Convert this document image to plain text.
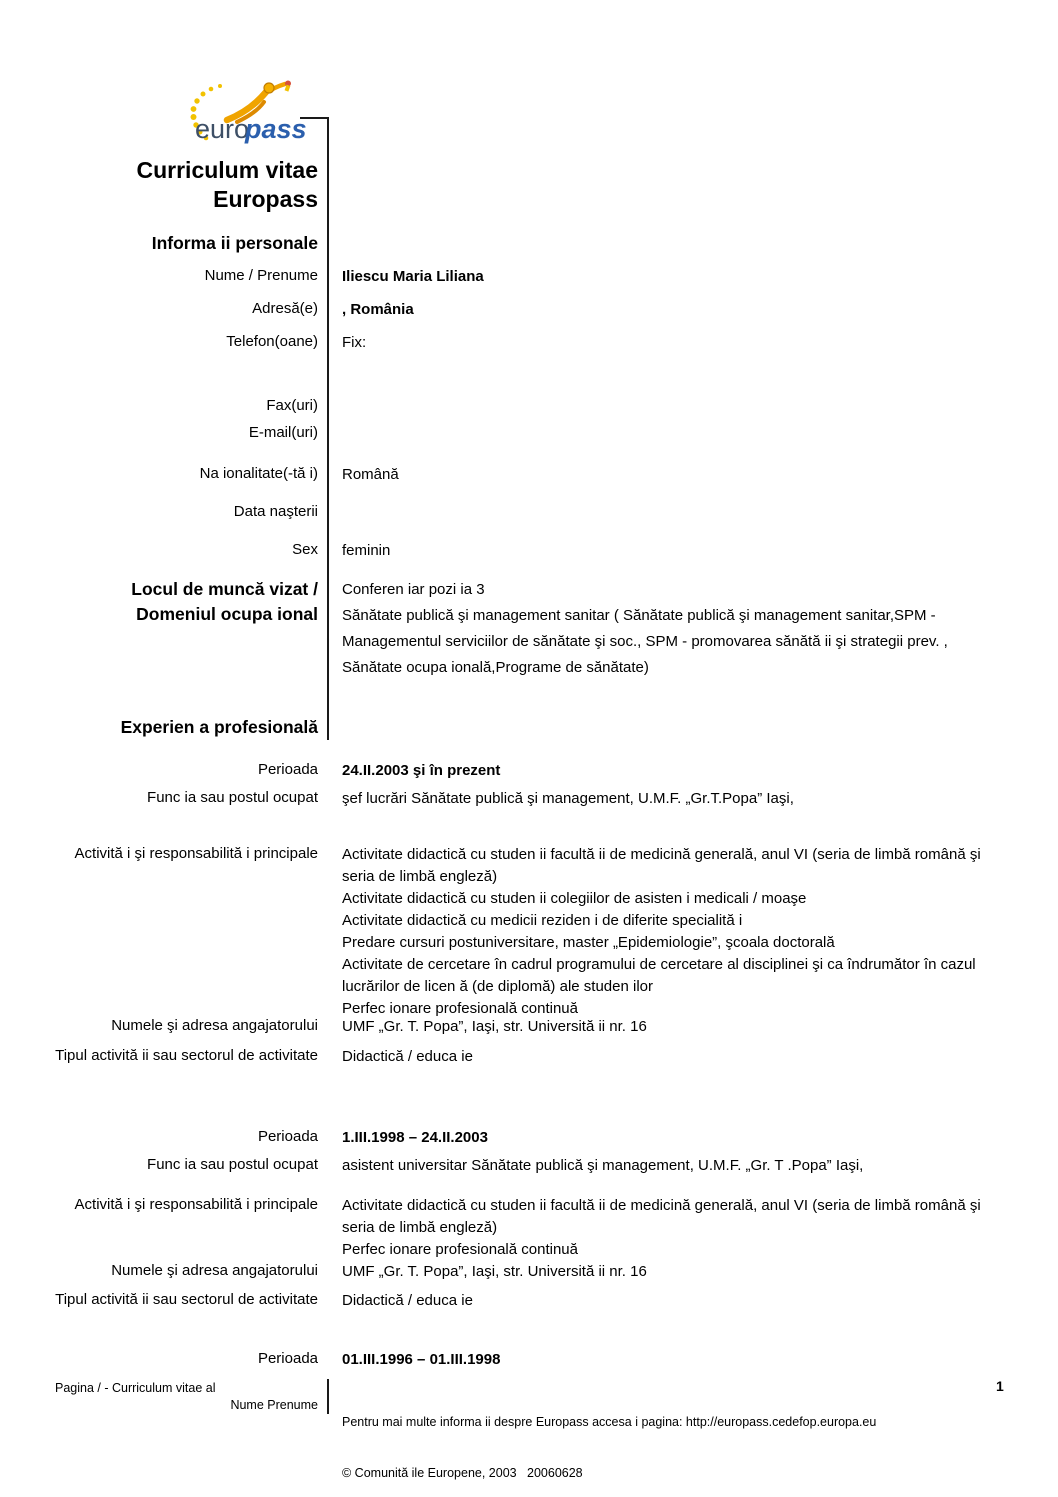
euro
pass
Curriculum vitae
Europass
Informa ii personale
Nume / Prenume Iliescu Maria Liliana
Adresă(e) , România
Telefon(oane) Fix:
Fax(uri)
E-mail(uri)
Na ionalitate(-tă i) Română
Data naşterii
Sex feminin
Locul de muncă vizat /
Domeniul ocupa ional
Conferen iar pozi ia 3
Sănătate publică şi management sanitar ( Sănătate publică şi management sanitar,SPM - Managementul serviciilor de sănătate şi soc., SPM - promovarea sănătă ii şi strategii prev. , Sănătate ocupa ională,Programe de sănătate)
Experien a profesională
Perioada 24.II.2003 şi în prezent
Func ia sau postul ocupat şef lucrări Sănătate publică şi management, U.M.F. „Gr.T.Popa” Iaşi,
Activită i şi responsabilită i principale Activitate didactică cu studen ii facultă ii de medicină generală, anul VI (seria de limbă română şi seria de limbă engleză)
Activitate didactică cu studen ii colegiilor de asisten i medicali / moaşe
Activitate didactică cu medicii reziden i de diferite specialită i
Predare cursuri postuniversitare, master „Epidemiologie”, şcoala doctorală
Activitate de cercetare în cadrul programului de cercetare al disciplinei şi ca îndrumător în cazul lucrărilor de licen ă (de diplomă) ale studen ilor
Perfec ionare profesională continuă
Numele şi adresa angajatorului UMF „Gr. T. Popa”, Iaşi, str. Universită ii nr. 16
Tipul activită ii sau sectorul de activitate Didactică / educa ie
Perioada 1.III.1998 – 24.II.2003
Func ia sau postul ocupat asistent universitar Sănătate publică şi management, U.M.F. „Gr. T .Popa” Iaşi,
Activită i şi responsabilită i principale Activitate didactică cu studen ii facultă ii de medicină generală, anul VI (seria de limbă română şi seria de limbă engleză)
Perfec ionare profesională continuă
Numele şi adresa angajatorului UMF „Gr. T. Popa”, Iaşi, str. Universită ii nr. 16
Tipul activită ii sau sectorul de activitate Didactică / educa ie
Perioada 01.III.1996 – 01.III.1998
Pagina / - Curriculum vitae al
Nume Prenume

Pentru mai multe informa ii despre Europass accesa i pagina: http://europass.cedefop.europa.eu

© Comunită ile Europene, 2003   20060628

1
